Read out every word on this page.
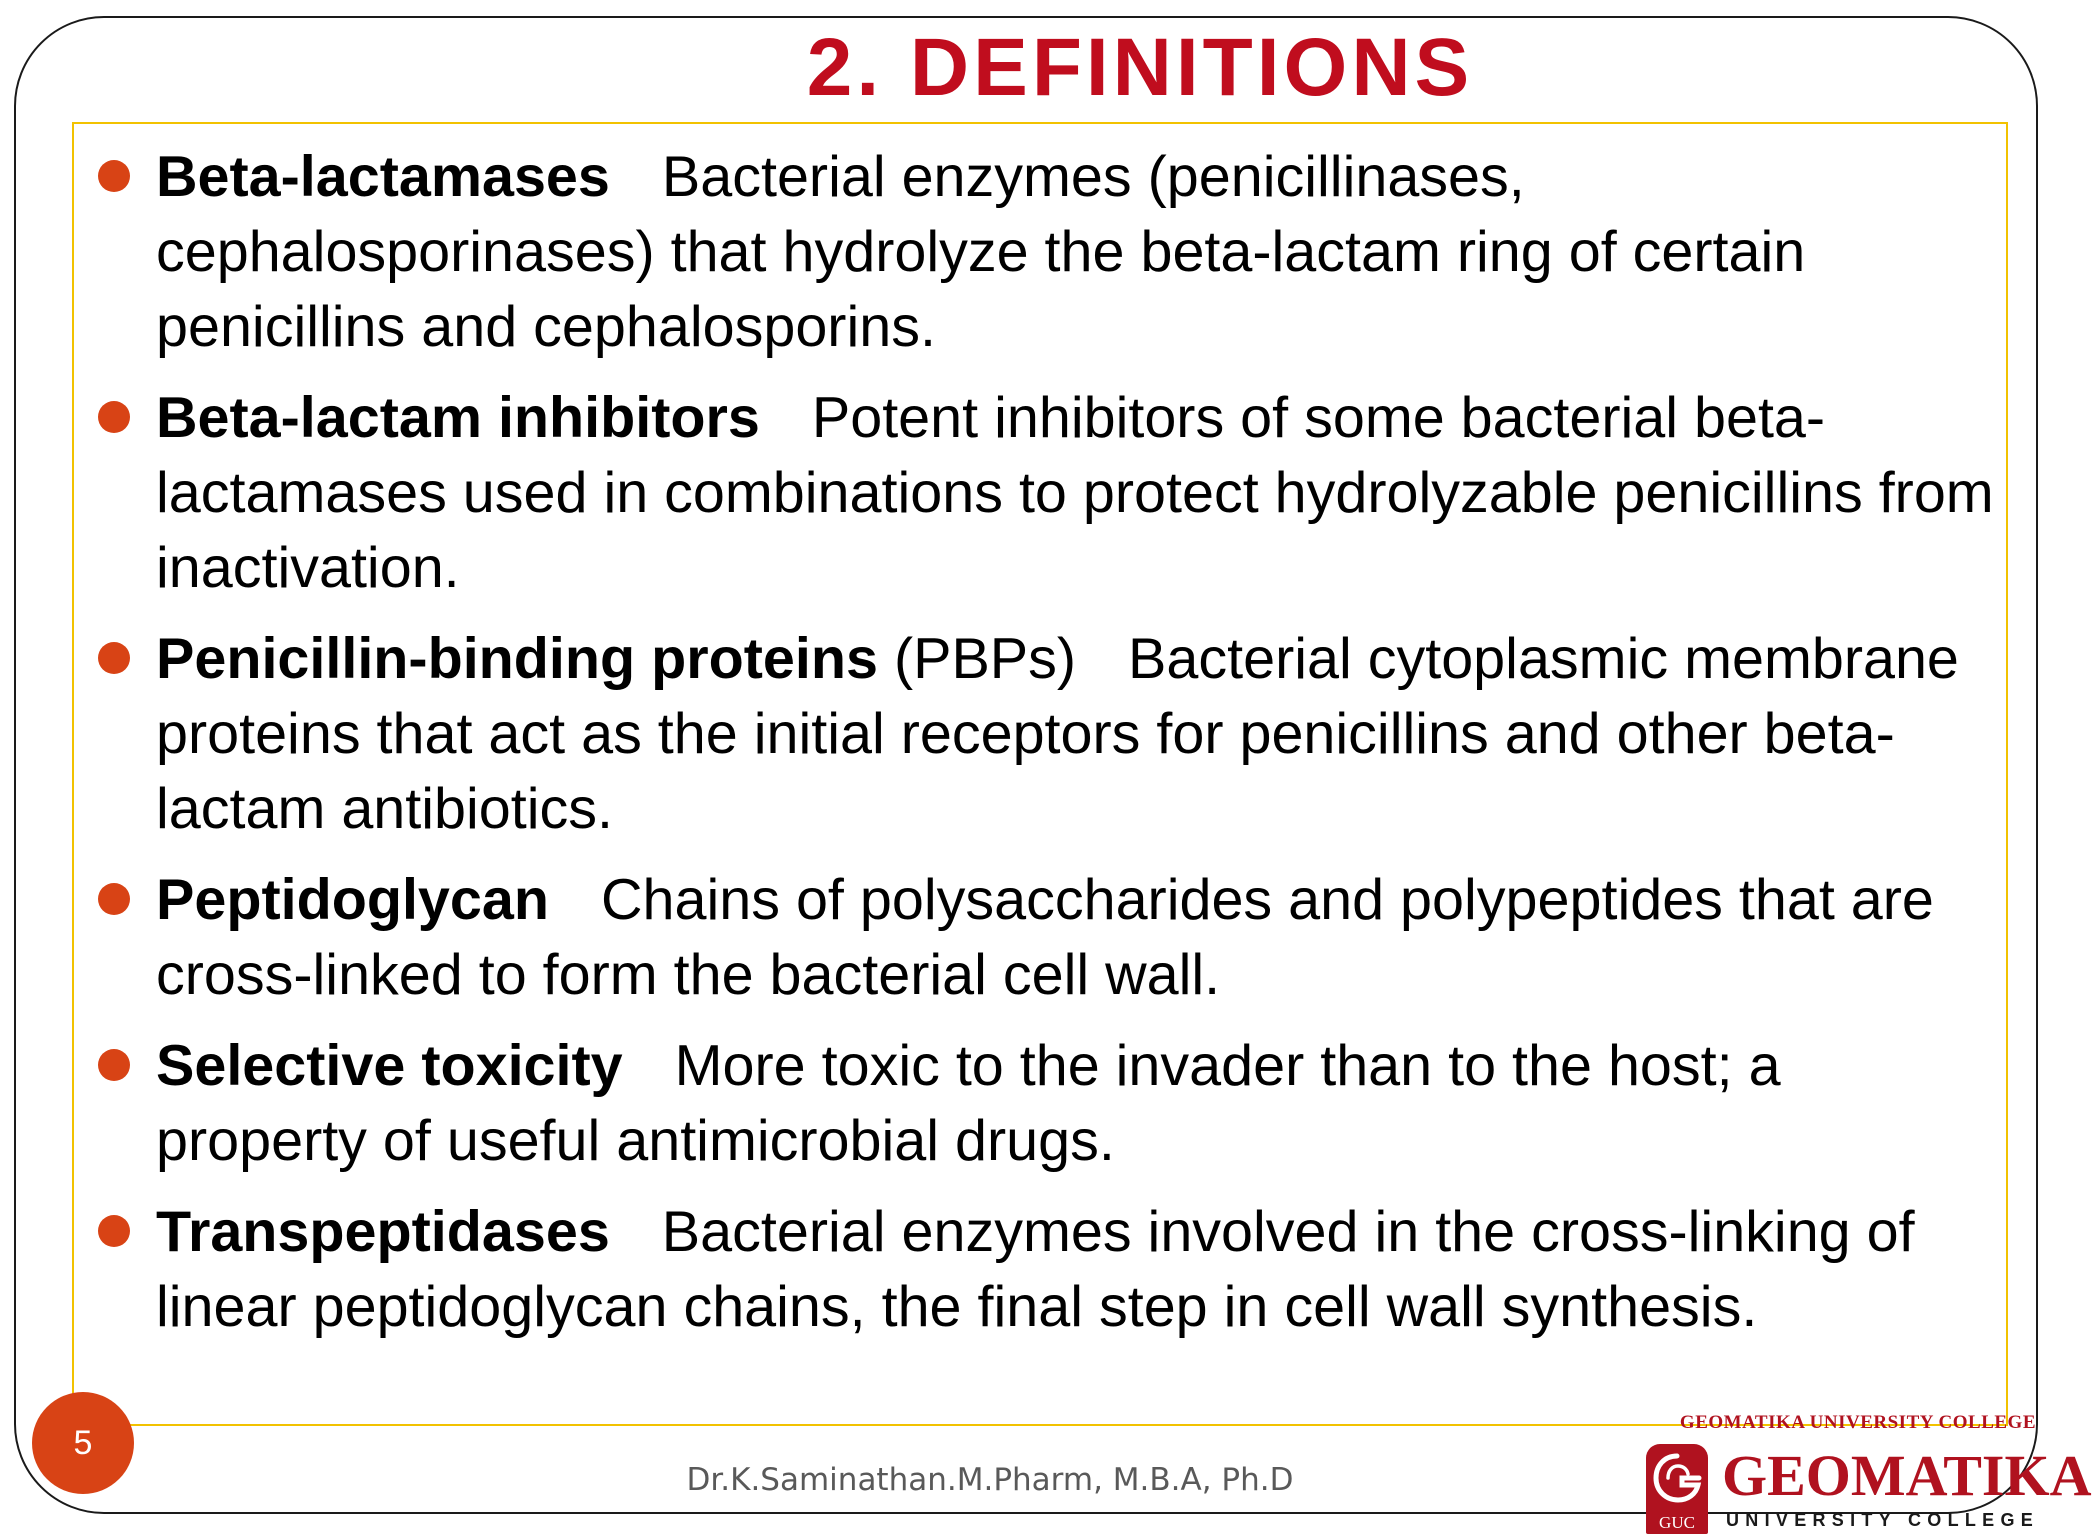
2. DEFINITIONS
Beta-lactamases Bacterial enzymes (penicillinases, cephalosporinases) that hydrolyze the beta-lactam ring of certain penicillins and cephalosporins.
Beta-lactam inhibitors Potent inhibitors of some bacterial beta-lactamases used in combinations to protect hydrolyzable penicillins from inactivation.
Penicillin-binding proteins (PBPs) Bacterial cytoplasmic membrane proteins that act as the initial receptors for penicillins and other beta-lactam antibiotics.
Peptidoglycan Chains of polysaccharides and polypeptides that are cross-linked to form the bacterial cell wall.
Selective toxicity More toxic to the invader than to the host; a property of useful antimicrobial drugs.
Transpeptidases Bacterial enzymes involved in the cross-linking of linear peptidoglycan chains, the final step in cell wall synthesis.
5
Dr.K.Saminathan.M.Pharm, M.B.A, Ph.D
GEOMATIKA UNIVERSITY COLLEGE
GUC
GEOMATIKA
UNIVERSITY COLLEGE
